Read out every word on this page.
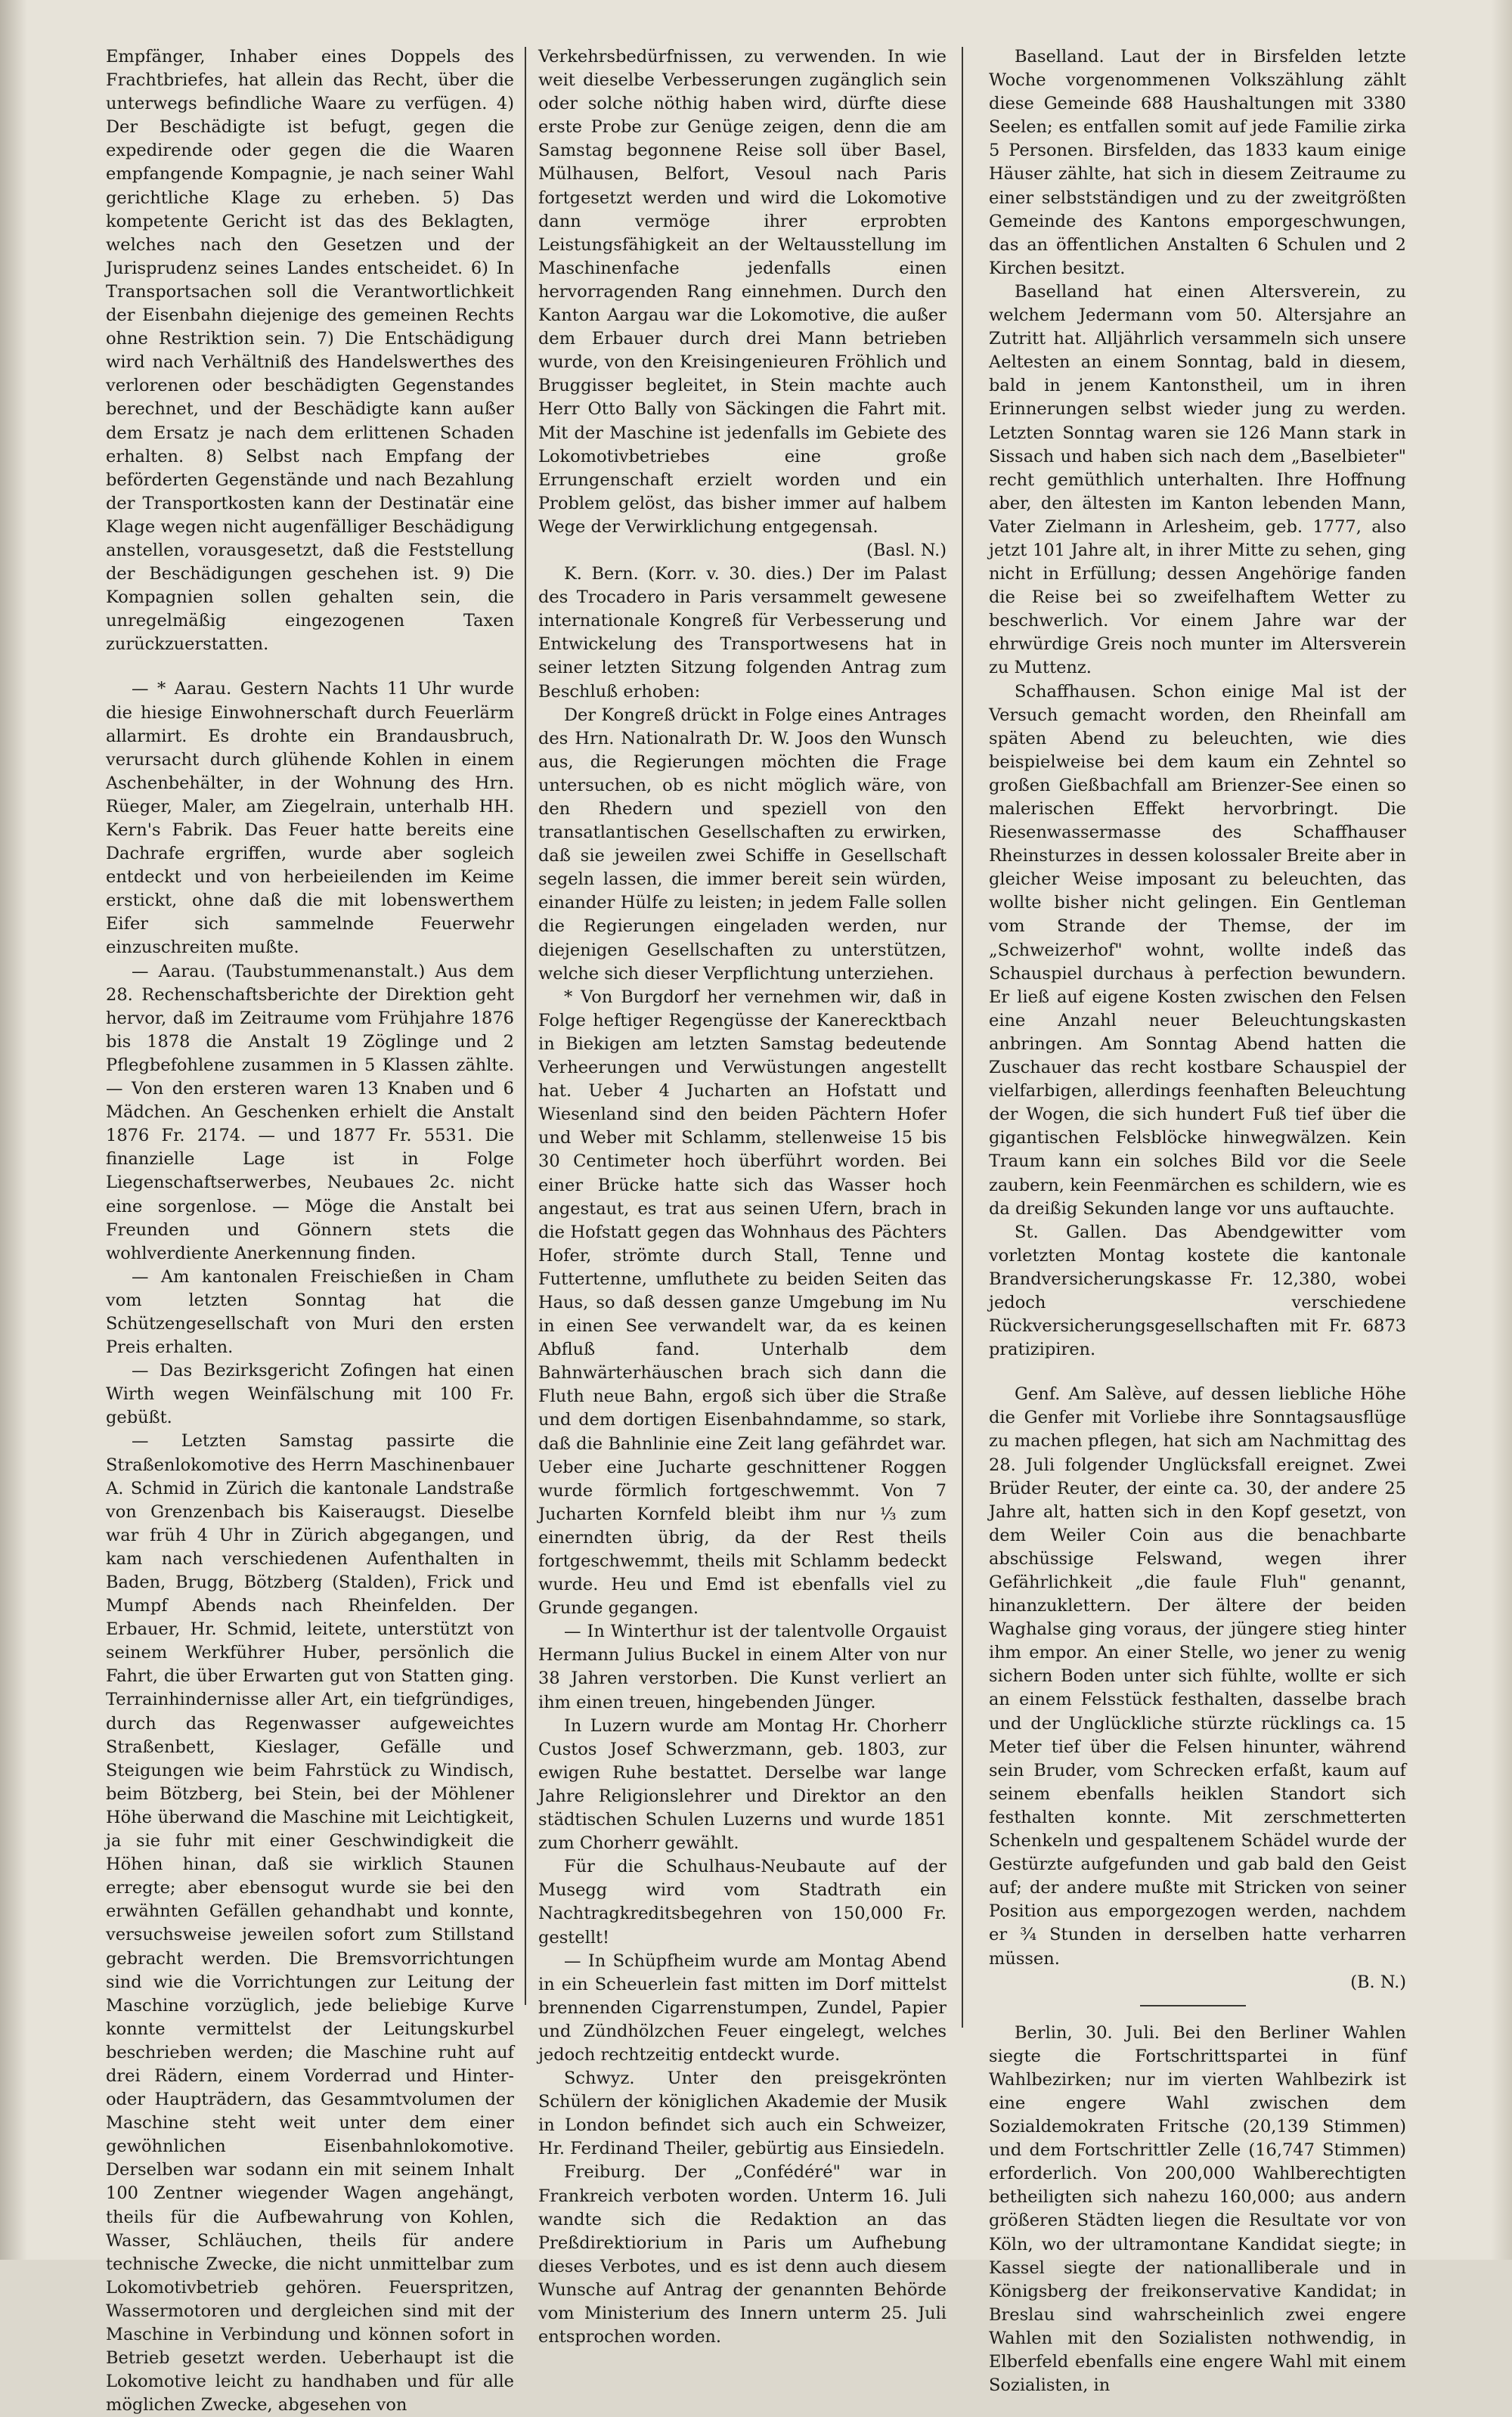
Empfänger, Inhaber eines Doppels des Frachtbriefes, hat allein das Recht, über die unterwegs befindliche Waare zu verfügen. 4) Der Beschädigte ist befugt, gegen die expedirende oder gegen die die Waaren empfangende Kompagnie, je nach seiner Wahl gerichtliche Klage zu erheben. 5) Das kompetente Gericht ist das des Beklagten, welches nach den Gesetzen und der Jurisprudenz seines Landes entscheidet. 6) In Transportsachen soll die Verantwortlichkeit der Eisenbahn diejenige des gemeinen Rechts ohne Restriktion sein. 7) Die Entschädigung wird nach Verhältniß des Handelswerthes des verlorenen oder beschädigten Gegenstandes berechnet, und der Beschädigte kann außer dem Ersatz je nach dem erlittenen Schaden erhalten. 8) Selbst nach Empfang der beförderten Gegenstände und nach Bezahlung der Transportkosten kann der Destinatär eine Klage wegen nicht augenfälliger Beschädigung anstellen, vorausgesetzt, daß die Feststellung der Beschädigungen geschehen ist. 9) Die Kompagnien sollen gehalten sein, die unregelmäßig eingezogenen Taxen zurückzuerstatten.

— * Aarau. Gestern Nachts 11 Uhr wurde die hiesige Einwohnerschaft durch Feuerlärm allarmirt. Es drohte ein Brandausbruch, verursacht durch glühende Kohlen in einem Aschenbehälter, in der Wohnung des Hrn. Rüeger, Maler, am Ziegelrain, unterhalb HH. Kern's Fabrik. Das Feuer hatte bereits eine Dachrafe ergriffen, wurde aber sogleich entdeckt und von herbeieilenden im Keime erstickt, ohne daß die mit lobenswerthem Eifer sich sammelnde Feuerwehr einzuschreiten mußte.

— Aarau. (Taubstummenanstalt.) Aus dem 28. Rechenschaftsberichte der Direktion geht hervor, daß im Zeitraume vom Frühjahre 1876 bis 1878 die Anstalt 19 Zöglinge und 2 Pflegbefohlene zusammen in 5 Klassen zählte. — Von den ersteren waren 13 Knaben und 6 Mädchen. An Geschenken erhielt die Anstalt 1876 Fr. 2174. — und 1877 Fr. 5531. Die finanzielle Lage ist in Folge Liegenschaftserwerbes, Neubaues 2c. nicht eine sorgenlose. — Möge die Anstalt bei Freunden und Gönnern stets die wohlverdiente Anerkennung finden.

— Am kantonalen Freischießen in Cham vom letzten Sonntag hat die Schützengesellschaft von Muri den ersten Preis erhalten.

— Das Bezirksgericht Zofingen hat einen Wirth wegen Weinfälschung mit 100 Fr. gebüßt.

— Letzten Samstag passirte die Straßenlokomotive des Herrn Maschinenbauer A. Schmid in Zürich die kantonale Landstraße von Grenzenbach bis Kaiseraugst. Dieselbe war früh 4 Uhr in Zürich abgegangen, und kam nach verschiedenen Aufenthalten in Baden, Brugg, Bötzberg (Stalden), Frick und Mumpf Abends nach Rheinfelden. Der Erbauer, Hr. Schmid, leitete, unterstützt von seinem Werkführer Huber, persönlich die Fahrt, die über Erwarten gut von Statten ging. Terrainhindernisse aller Art, ein tiefgründiges, durch das Regenwasser aufgeweichtes Straßenbett, Kieslager, Gefälle und Steigungen wie beim Fahrstück zu Windisch, beim Bötzberg, bei Stein, bei der Möhlener Höhe überwand die Maschine mit Leichtigkeit, ja sie fuhr mit einer Geschwindigkeit die Höhen hinan, daß sie wirklich Staunen erregte; aber ebensogut wurde sie bei den erwähnten Gefällen gehandhabt und konnte, versuchsweise jeweilen sofort zum Stillstand gebracht werden. Die Bremsvorrichtungen sind wie die Vorrichtungen zur Leitung der Maschine vorzüglich, jede beliebige Kurve konnte vermittelst der Leitungskurbel beschrieben werden; die Maschine ruht auf drei Rädern, einem Vorderrad und Hinter- oder Haupträdern, das Gesammtvolumen der Maschine steht weit unter dem einer gewöhnlichen Eisenbahnlokomotive. Derselben war sodann ein mit seinem Inhalt 100 Zentner wiegender Wagen angehängt, theils für die Aufbewahrung von Kohlen, Wasser, Schläuchen, theils für andere technische Zwecke, die nicht unmittelbar zum Lokomotivbetrieb gehören. Feuerspritzen, Wassermotoren und dergleichen sind mit der Maschine in Verbindung und können sofort in Betrieb gesetzt werden. Ueberhaupt ist die Lokomotive leicht zu handhaben und für alle möglichen Zwecke, abgesehen von

Verkehrsbedürfnissen, zu verwenden. In wie weit dieselbe Verbesserungen zugänglich sein oder solche nöthig haben wird, dürfte diese erste Probe zur Genüge zeigen, denn die am Samstag begonnene Reise soll über Basel, Mülhausen, Belfort, Vesoul nach Paris fortgesetzt werden und wird die Lokomotive dann vermöge ihrer erprobten Leistungsfähigkeit an der Weltausstellung im Maschinenfache jedenfalls einen hervorragenden Rang einnehmen. Durch den Kanton Aargau war die Lokomotive, die außer dem Erbauer durch drei Mann betrieben wurde, von den Kreisingenieuren Fröhlich und Bruggisser begleitet, in Stein machte auch Herr Otto Bally von Säckingen die Fahrt mit. Mit der Maschine ist jedenfalls im Gebiete des Lokomotivbetriebes eine große Errungenschaft erzielt worden und ein Problem gelöst, das bisher immer auf halbem Wege der Verwirklichung entgegensah.

(Basl. N.)

K. Bern. (Korr. v. 30. dies.) Der im Palast des Trocadero in Paris versammelt gewesene internationale Kongreß für Verbesserung und Entwickelung des Transportwesens hat in seiner letzten Sitzung folgenden Antrag zum Beschluß erhoben:

Der Kongreß drückt in Folge eines Antrages des Hrn. Nationalrath Dr. W. Joos den Wunsch aus, die Regierungen möchten die Frage untersuchen, ob es nicht möglich wäre, von den Rhedern und speziell von den transatlantischen Gesellschaften zu erwirken, daß sie jeweilen zwei Schiffe in Gesellschaft segeln lassen, die immer bereit sein würden, einander Hülfe zu leisten; in jedem Falle sollen die Regierungen eingeladen werden, nur diejenigen Gesellschaften zu unterstützen, welche sich dieser Verpflichtung unterziehen.

* Von Burgdorf her vernehmen wir, daß in Folge heftiger Regengüsse der Kanerecktbach in Biekigen am letzten Samstag bedeutende Verheerungen und Verwüstungen angestellt hat. Ueber 4 Jucharten an Hofstatt und Wiesenland sind den beiden Pächtern Hofer und Weber mit Schlamm, stellenweise 15 bis 30 Centimeter hoch überführt worden. Bei einer Brücke hatte sich das Wasser hoch angestaut, es trat aus seinen Ufern, brach in die Hofstatt gegen das Wohnhaus des Pächters Hofer, strömte durch Stall, Tenne und Futtertenne, umfluthete zu beiden Seiten das Haus, so daß dessen ganze Umgebung im Nu in einen See verwandelt war, da es keinen Abfluß fand. Unterhalb dem Bahnwärterhäuschen brach sich dann die Fluth neue Bahn, ergoß sich über die Straße und dem dortigen Eisenbahndamme, so stark, daß die Bahnlinie eine Zeit lang gefährdet war. Ueber eine Jucharte geschnittener Roggen wurde förmlich fortgeschwemmt. Von 7 Jucharten Kornfeld bleibt ihm nur ⅓ zum einerndten übrig, da der Rest theils fortgeschwemmt, theils mit Schlamm bedeckt wurde. Heu und Emd ist ebenfalls viel zu Grunde gegangen.

— In Winterthur ist der talentvolle Orgauist Hermann Julius Buckel in einem Alter von nur 38 Jahren verstorben. Die Kunst verliert an ihm einen treuen, hingebenden Jünger.

In Luzern wurde am Montag Hr. Chorherr Custos Josef Schwerzmann, geb. 1803, zur ewigen Ruhe bestattet. Derselbe war lange Jahre Religionslehrer und Direktor an den städtischen Schulen Luzerns und wurde 1851 zum Chorherr gewählt.

Für die Schulhaus-Neubaute auf der Musegg wird vom Stadtrath ein Nachtragkreditsbegehren von 150,000 Fr. gestellt!

— In Schüpfheim wurde am Montag Abend in ein Scheuerlein fast mitten im Dorf mittelst brennenden Cigarrenstumpen, Zundel, Papier und Zündhölzchen Feuer eingelegt, welches jedoch rechtzeitig entdeckt wurde.

Schwyz. Unter den preisgekrönten Schülern der königlichen Akademie der Musik in London befindet sich auch ein Schweizer, Hr. Ferdinand Theiler, gebürtig aus Einsiedeln.

Freiburg. Der „Confédéré" war in Frankreich verboten worden. Unterm 16. Juli wandte sich die Redaktion an das Preßdirektiorium in Paris um Aufhebung dieses Verbotes, und es ist denn auch diesem Wunsche auf Antrag der genannten Behörde vom Ministerium des Innern unterm 25. Juli entsprochen worden.

Baselland. Laut der in Birsfelden letzte Woche vorgenommenen Volkszählung zählt diese Gemeinde 688 Haushaltungen mit 3380 Seelen; es entfallen somit auf jede Familie zirka 5 Personen. Birsfelden, das 1833 kaum einige Häuser zählte, hat sich in diesem Zeitraume zu einer selbstständigen und zu der zweitgrößten Gemeinde des Kantons emporgeschwungen, das an öffentlichen Anstalten 6 Schulen und 2 Kirchen besitzt.

Baselland hat einen Altersverein, zu welchem Jedermann vom 50. Altersjahre an Zutritt hat. Alljährlich versammeln sich unsere Aeltesten an einem Sonntag, bald in diesem, bald in jenem Kantonstheil, um in ihren Erinnerungen selbst wieder jung zu werden. Letzten Sonntag waren sie 126 Mann stark in Sissach und haben sich nach dem „Baselbieter" recht gemüthlich unterhalten. Ihre Hoffnung aber, den ältesten im Kanton lebenden Mann, Vater Zielmann in Arlesheim, geb. 1777, also jetzt 101 Jahre alt, in ihrer Mitte zu sehen, ging nicht in Erfüllung; dessen Angehörige fanden die Reise bei so zweifelhaftem Wetter zu beschwerlich. Vor einem Jahre war der ehrwürdige Greis noch munter im Altersverein zu Muttenz.

Schaffhausen. Schon einige Mal ist der Versuch gemacht worden, den Rheinfall am späten Abend zu beleuchten, wie dies beispielweise bei dem kaum ein Zehntel so großen Gießbachfall am Brienzer-See einen so malerischen Effekt hervorbringt. Die Riesenwassermasse des Schaffhauser Rheinsturzes in dessen kolossaler Breite aber in gleicher Weise imposant zu beleuchten, das wollte bisher nicht gelingen. Ein Gentleman vom Strande der Themse, der im „Schweizerhof" wohnt, wollte indeß das Schauspiel durchaus à perfection bewundern. Er ließ auf eigene Kosten zwischen den Felsen eine Anzahl neuer Beleuchtungskasten anbringen. Am Sonntag Abend hatten die Zuschauer das recht kostbare Schauspiel der vielfarbigen, allerdings feenhaften Beleuchtung der Wogen, die sich hundert Fuß tief über die gigantischen Felsblöcke hinwegwälzen. Kein Traum kann ein solches Bild vor die Seele zaubern, kein Feenmärchen es schildern, wie es da dreißig Sekunden lange vor uns auftauchte.

St. Gallen. Das Abendgewitter vom vorletzten Montag kostete die kantonale Brandversicherungskasse Fr. 12,380, wobei jedoch verschiedene Rückversicherungsgesellschaften mit Fr. 6873 pratizipiren.

Genf. Am Salève, auf dessen liebliche Höhe die Genfer mit Vorliebe ihre Sonntagsausflüge zu machen pflegen, hat sich am Nachmittag des 28. Juli folgender Unglücksfall ereignet. Zwei Brüder Reuter, der einte ca. 30, der andere 25 Jahre alt, hatten sich in den Kopf gesetzt, von dem Weiler Coin aus die benachbarte abschüssige Felswand, wegen ihrer Gefährlichkeit „die faule Fluh" genannt, hinanzuklettern. Der ältere der beiden Waghalse ging voraus, der jüngere stieg hinter ihm empor. An einer Stelle, wo jener zu wenig sichern Boden unter sich fühlte, wollte er sich an einem Felsstück festhalten, dasselbe brach und der Unglückliche stürzte rücklings ca. 15 Meter tief über die Felsen hinunter, während sein Bruder, vom Schrecken erfaßt, kaum auf seinem ebenfalls heiklen Standort sich festhalten konnte. Mit zerschmetterten Schenkeln und gespaltenem Schädel wurde der Gestürzte aufgefunden und gab bald den Geist auf; der andere mußte mit Stricken von seiner Position aus emporgezogen werden, nachdem er ¾ Stunden in derselben hatte verharren müssen.

(B. N.)

Berlin, 30. Juli. Bei den Berliner Wahlen siegte die Fortschrittspartei in fünf Wahlbezirken; nur im vierten Wahlbezirk ist eine engere Wahl zwischen dem Sozialdemokraten Fritsche (20,139 Stimmen) und dem Fortschrittler Zelle (16,747 Stimmen) erforderlich. Von 200,000 Wahlberechtigten betheiligten sich nahezu 160,000; aus andern größeren Städten liegen die Resultate vor von Köln, wo der ultramontane Kandidat siegte; in Kassel siegte der nationalliberale und in Königsberg der freikonservative Kandidat; in Breslau sind wahrscheinlich zwei engere Wahlen mit den Sozialisten nothwendig, in Elberfeld ebenfalls eine engere Wahl mit einem Sozialisten, in
